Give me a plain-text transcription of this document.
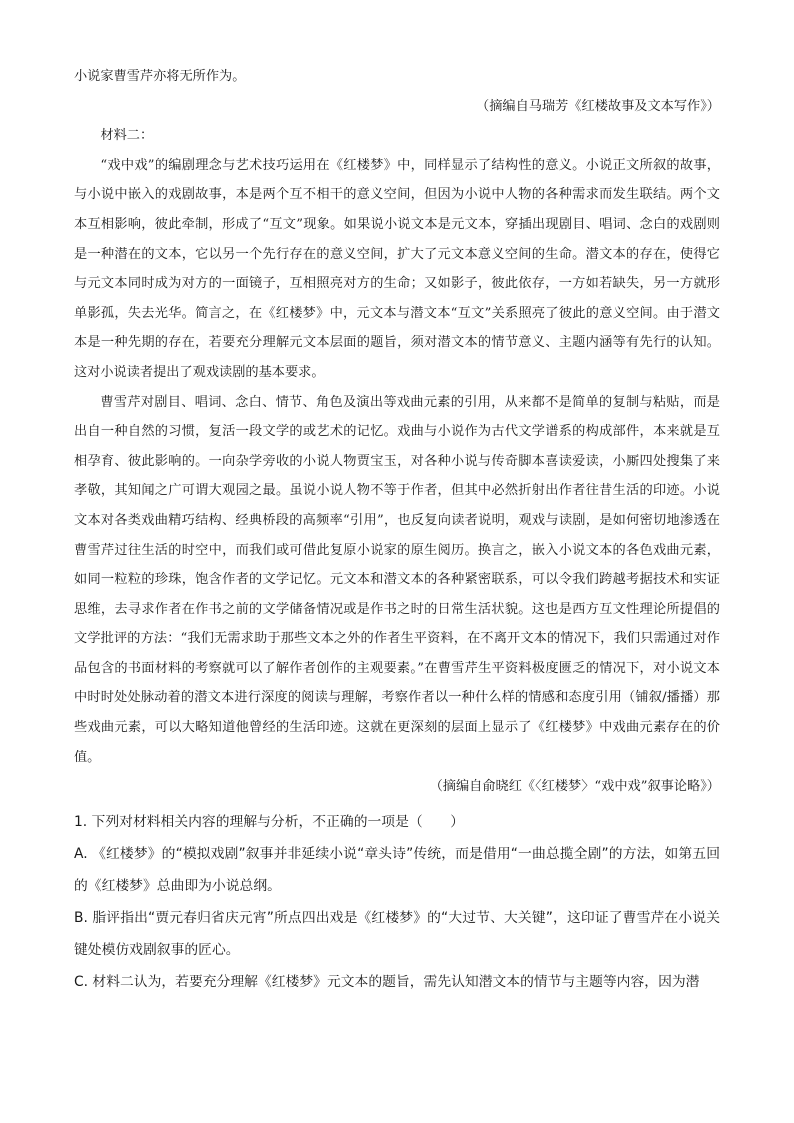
小说家曹雪芹亦将无所作为。

（摘编自马瑞芳《红楼故事及文本写作》）

材料二：

“戏中戏”的编剧理念与艺术技巧运用在《红楼梦》中，同样显示了结构性的意义。小说正文所叙的故事，与小说中嵌入的戏剧故事，本是两个互不相干的意义空间，但因为小说中人物的各种需求而发生联结。两个文本互相影响，彼此牵制，形成了“互文”现象。如果说小说文本是元文本，穿插出现剧目、唱词、念白的戏剧则是一种潜在的文本，它以另一个先行存在的意义空间，扩大了元文本意义空间的生命。潜文本的存在，使得它与元文本同时成为对方的一面镜子，互相照亮对方的生命；又如影子，彼此依存，一方如若缺失，另一方就形单影孤，失去光华。简言之，在《红楼梦》中，元文本与潜文本“互文”关系照亮了彼此的意义空间。由于潜文本是一种先期的存在，若要充分理解元文本层面的题旨，须对潜文本的情节意义、主题内涵等有先行的认知。这对小说读者提出了观戏读剧的基本要求。

曹雪芹对剧目、唱词、念白、情节、角色及演出等戏曲元素的引用，从来都不是简单的复制与粘贴，而是出自一种自然的习惯，复活一段文学的或艺术的记忆。戏曲与小说作为古代文学谱系的构成部件，本来就是互相孕育、彼此影响的。一向杂学旁收的小说人物贾宝玉，对各种小说与传奇脚本喜读爱读，小厮四处搜集了来孝敬，其知闻之广可谓大观园之最。虽说小说人物不等于作者，但其中必然折射出作者往昔生活的印迹。小说文本对各类戏曲精巧结构、经典桥段的高频率“引用”，也反复向读者说明，观戏与读剧，是如何密切地渗透在曹雪芹过往生活的时空中，而我们或可借此复原小说家的原生阅历。换言之，嵌入小说文本的各色戏曲元素，如同一粒粒的珍珠，饱含作者的文学记忆。元文本和潜文本的各种紧密联系，可以令我们跨越考据技术和实证思维，去寻求作者在作书之前的文学储备情况或是作书之时的日常生活状貌。这也是西方互文性理论所提倡的文学批评的方法：“我们无需求助于那些文本之外的作者生平资料，在不离开文本的情况下，我们只需通过对作品包含的书面材料的考察就可以了解作者创作的主观要素。”在曹雪芹生平资料极度匮乏的情况下，对小说文本中时时处处脉动着的潜文本进行深度的阅读与理解，考察作者以一种什么样的情感和态度引用（铺叙/播播）那些戏曲元素，可以大略知道他曾经的生活印迹。这就在更深刻的层面上显示了《红楼梦》中戏曲元素存在的价值。

（摘编自俞晓红《〈红楼梦〉“戏中戏”叙事论略》）

1. 下列对材料相关内容的理解与分析，不正确的一项是（　　）

A. 《红楼梦》的“模拟戏剧”叙事并非延续小说“章头诗”传统，而是借用“一曲总揽全剧”的方法，如第五回的《红楼梦》总曲即为小说总纲。

B. 脂评指出“贾元春归省庆元宵”所点四出戏是《红楼梦》的“大过节、大关键”，这印证了曹雪芹在小说关键处模仿戏剧叙事的匠心。

C. 材料二认为，若要充分理解《红楼梦》元文本的题旨，需先认知潜文本的情节与主题等内容，因为潜
